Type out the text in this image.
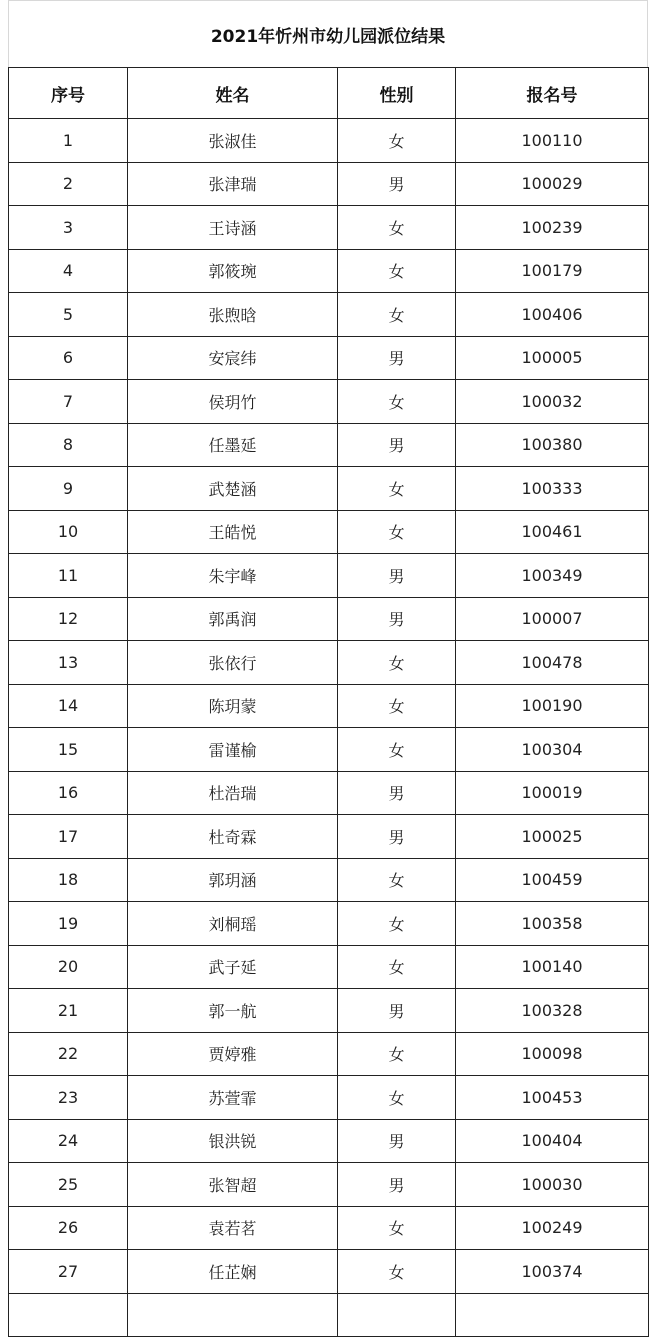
2021年忻州市幼儿园派位结果
序号	姓名	性别	报名号
1	张淑佳	女	100110
2	张津瑞	男	100029
3	王诗涵	女	100239
4	郭筱琬	女	100179
5	张煦晗	女	100406
6	安宸纬	男	100005
7	侯玥竹	女	100032
8	任墨延	男	100380
9	武楚涵	女	100333
10	王皓悦	女	100461
11	朱宇峰	男	100349
12	郭禹润	男	100007
13	张依行	女	100478
14	陈玥蒙	女	100190
15	雷谨榆	女	100304
16	杜浩瑞	男	100019
17	杜奇霖	男	100025
18	郭玥涵	女	100459
19	刘桐瑶	女	100358
20	武子延	女	100140
21	郭一航	男	100328
22	贾婷雅	女	100098
23	苏萱霏	女	100453
24	银洪锐	男	100404
25	张智超	男	100030
26	袁若茗	女	100249
27	任芷娴	女	100374
